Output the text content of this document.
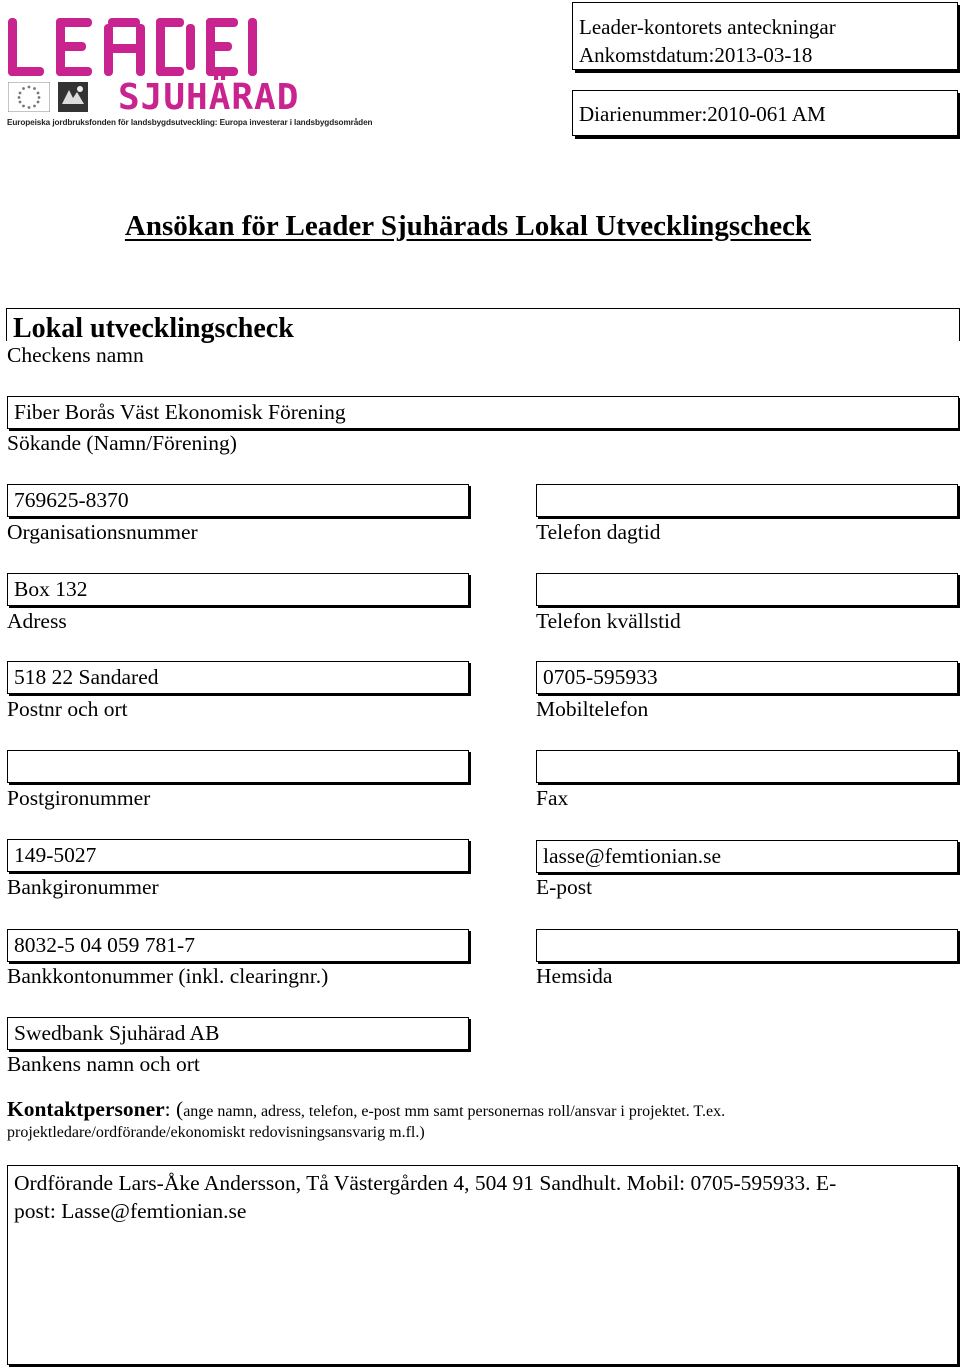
SJUHÄRAD
Europeiska jordbruksfonden för landsbygdsutveckling: Europa investerar i landsbygdsområden
Leader-kontorets anteckningar
Ankomstdatum:2013-03-18
Diarienummer:2010-061 AM
Ansökan för Leader Sjuhärads Lokal Utvecklingscheck
Lokal utvecklingscheck
Checkens namn
Fiber Borås Väst Ekonomisk Förening
Sökande (Namn/Förening)
769625-8370
Organisationsnummer	Telefon dagtid
Box 132
Adress	Telefon kvällstid
518 22 Sandared
Postnr och ort
0705-595933
Mobiltelefon
Postgironummer	Fax
149-5027
Bankgironummer
lasse@femtionian.se
E-post
8032-5 04 059 781-7
Bankkontonummer (inkl. clearingnr.)	Hemsida
Swedbank Sjuhärad AB
Bankens namn och ort
Kontaktpersoner: (ange namn, adress, telefon, e-post mm samt personernas roll/ansvar i projektet. T.ex.
projektledare/ordförande/ekonomiskt redovisningsansvarig m.fl.)
Ordförande Lars-Åke Andersson, Tå Västergården 4, 504 91 Sandhult. Mobil: 0705-595933. E-
post: Lasse@femtionian.se
